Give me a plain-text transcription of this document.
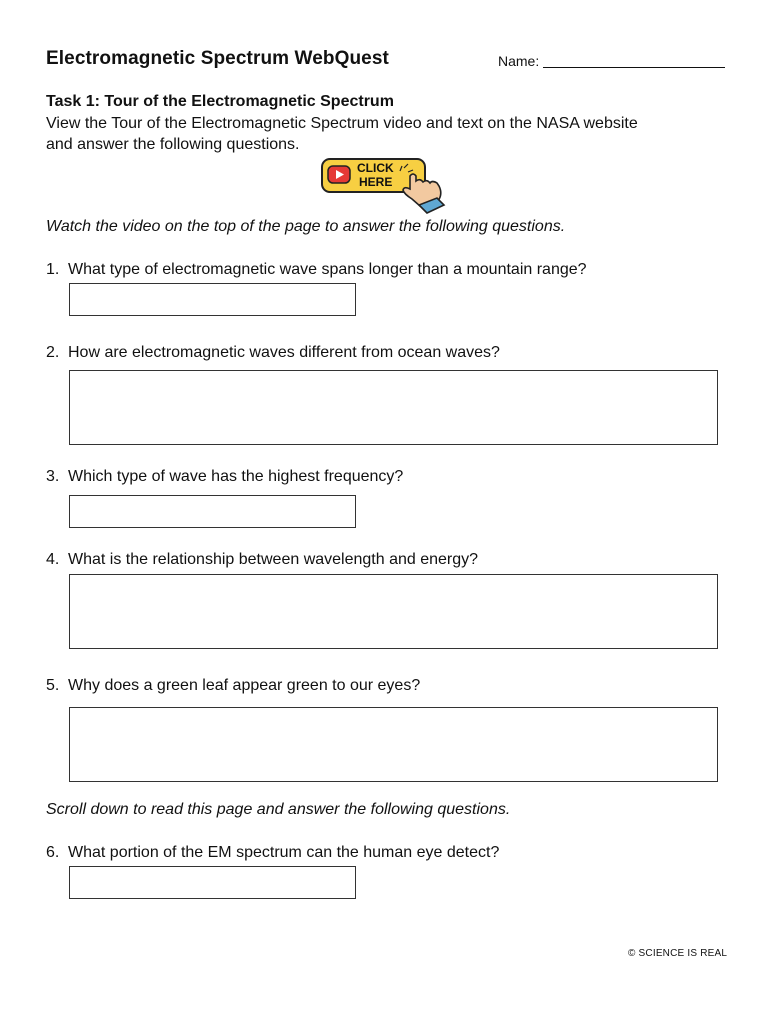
Electromagnetic Spectrum WebQuest	Name:
Task 1: Tour of the Electromagnetic Spectrum
View the Tour of the Electromagnetic Spectrum video and text on the NASA website
and answer the following questions.
CLICK
HERE
Watch the video on the top of the page to answer the following questions.
1. What type of electromagnetic wave spans longer than a mountain range?
2. How are electromagnetic waves different from ocean waves?
3. Which type of wave has the highest frequency?
4. What is the relationship between wavelength and energy?
5. Why does a green leaf appear green to our eyes?
Scroll down to read this page and answer the following questions.
6. What portion of the EM spectrum can the human eye detect?
© SCIENCE IS REAL
